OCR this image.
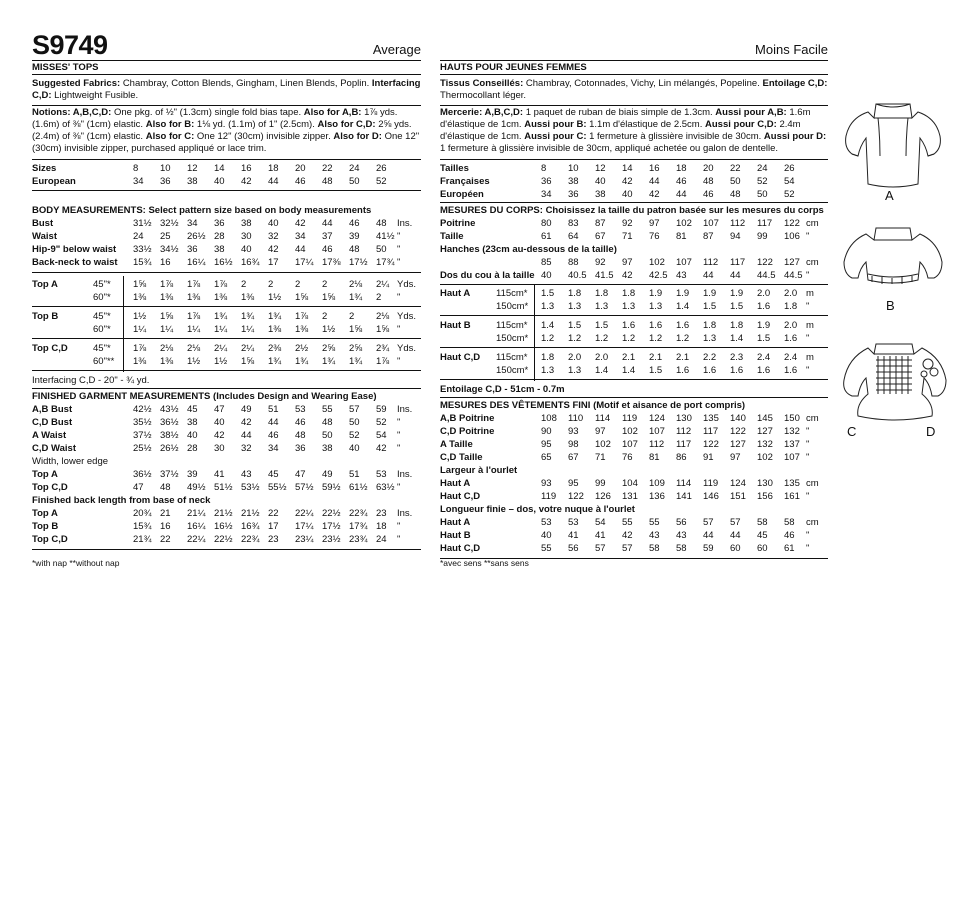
S9749	Average	Moins Facile
MISSES' TOPS	HAUTS POUR JEUNES FEMMES
Suggested Fabrics: Chambray, Cotton Blends, Gingham, Linen Blends, Poplin. Interfacing C,D: Lightweight Fusible.
Notions: A,B,C,D: One pkg. of ½" (1.3cm) single fold bias tape. Also for A,B: 1⅞ yds. (1.6m) of ⅜" (1cm) elastic. Also for B: 1⅛ yd. (1.1m) of 1" (2.5cm). Also for C,D: 2⅝ yds. (2.4m) of ⅜" (1cm) elastic. Also for C: One 12" (30cm) invisible zipper. Also for D: One 12" (30cm) invisible zipper, purchased appliqué or lace trim.
Tissus Conseillés: Chambray, Cotonnades, Vichy, Lin mélangés, Popeline. Entoilage C,D: Thermocollant léger.
Mercerie: A,B,C,D: 1 paquet de ruban de biais simple de 1.3cm. Aussi pour A,B: 1.6m d'élastique de 1cm. Aussi pour B: 1.1m d'élastique de 2.5cm. Aussi pour C,D: 2.4m d'élastique de 1cm. Aussi pour C: 1 fermeture à glissière invisible de 30cm. Aussi pour D: 1 fermeture à glissière invisible de 30cm, appliqué achetée ou galon de dentelle.
Sizes	8 10 12 14 16 18 20 22 24 26
European	34 36 38 40 42 44 46 48 50 52
BODY MEASUREMENTS: Select pattern size based on body measurements
Bust	31½ 32½ 34 36 38 40 42 44 46 48 Ins.
Waist	24 25 26½ 28 30 32 34 37 39 41½ "
Hip-9" below waist 33½ 34½ 36 38 40 42 44 46 48 50 "
Back-neck to waist 15¾ 16 16¼ 16½ 16¾ 17 17¼ 17⅜ 17½ 17¾ "
Top A	45"* 1⅝ 1⅞ 1⅞ 1⅞ 2 2 2 2 2⅛ 2¼ Yds.
60"* 1⅜ 1⅜ 1⅜ 1⅜ 1⅜ 1½ 1⅝ 1⅝ 1¾ 2 "
Top B	45"* 1½ 1⅝ 1⅞ 1¾ 1¾ 1¾ 1⅞ 2 2 2⅛ Yds.
60"* 1¼ 1¼ 1¼ 1¼ 1¼ 1⅜ 1⅜ 1½ 1⅝ 1⅝ "
Top C,D	45"* 1⅞ 2⅛ 2⅛ 2¼ 2¼ 2⅜ 2½ 2⅝ 2⅝ 2¾ Yds.
60"** 1⅜ 1⅜ 1½ 1½ 1⅝ 1¾ 1¾ 1¾ 1¾ 1⅞ "
Interfacing C,D - 20" - ¾ yd.
FINISHED GARMENT MEASUREMENTS (Includes Design and Wearing Ease)
A,B Bust	42½ 43½ 45 47 49 51 53 55 57 59 Ins.
C,D Bust	35½ 36½ 38 40 42 44 46 48 50 52 "
A Waist	37½ 38½ 40 42 44 46 48 50 52 54 "
C,D Waist	25½ 26½ 28 30 32 34 36 38 40 42 "
Width, lower edge
Top A	36½ 37½ 39 41 43 45 47 49 51 53 Ins.
Top C,D	47 48 49½ 51½ 53½ 55½ 57½ 59½ 61½ 63½ "
Finished back length from base of neck
Top A	20¾ 21 21¼ 21½ 21½ 22 22¼ 22½ 22¾ 23 Ins.
Top B	15¾ 16 16¼ 16½ 16¾ 17 17¼ 17½ 17¾ 18 "
Top C,D	21¾ 22 22¼ 22½ 22¾ 23 23¼ 23½ 23¾ 24 "
Tailles	8 10 12 14 16 18 20 22 24 26
Françaises	36 38 40 42 44 46 48 50 52 54
Européen	34 36 38 40 42 44 46 48 50 52
MESURES DU CORPS: Choisissez la taille du patron basée sur les mesures du corps
Poitrine	80 83 87 92 97 102 107 112 117 122 cm
Taille	61 64 67 71 76 81 87 94 99 106 "
Hanches (23cm au-dessous de la taille)
85 88 92 97 102 107 112 117 122 127 cm
Dos du cou à la taille 40 40.5 41.5 42 42.5 43 44 44 44.5 44.5 "
Haut A	115cm* 1.5 1.8 1.8 1.8 1.9 1.9 1.9 1.9 2.0 2.0 m
150cm* 1.3 1.3 1.3 1.3 1.3 1.4 1.5 1.5 1.6 1.8 "
Haut B	115cm* 1.4 1.5 1.5 1.6 1.6 1.6 1.8 1.8 1.9 2.0 m
150cm* 1.2 1.2 1.2 1.2 1.2 1.2 1.3 1.4 1.5 1.6 "
Haut C,D 115cm* 1.8 2.0 2.0 2.1 2.1 2.1 2.2 2.3 2.4 2.4 m
150cm* 1.3 1.3 1.4 1.4 1.5 1.6 1.6 1.6 1.6 1.6 "
Entoilage C,D - 51cm - 0.7m
MESURES DES VÊTEMENTS FINI (Motif et aisance de port compris)
A,B Poitrine	108 110 114 119 124 130 135 140 145 150 cm
C,D Poitrine	90 93 97 102 107 112 117 122 127 132 "
A Taille	95 98 102 107 112 117 122 127 132 137 "
C,D Taille	65 67 71 76 81 86 91 97 102 107 "
Largeur à l'ourlet
Haut A	93 95 99 104 109 114 119 124 130 135 cm
Haut C,D	119 122 126 131 136 141 146 151 156 161 "
Longueur finie – dos, votre nuque à l'ourlet
Haut A	53 53 54 55 55 56 57 57 58 58 cm
Haut B	40 41 41 42 43 43 44 44 45 46 "
Haut C,D	55 56 57 57 58 58 59 60 60 61 "
*with nap **without nap	*avec sens **sans sens
A
B
C	D
